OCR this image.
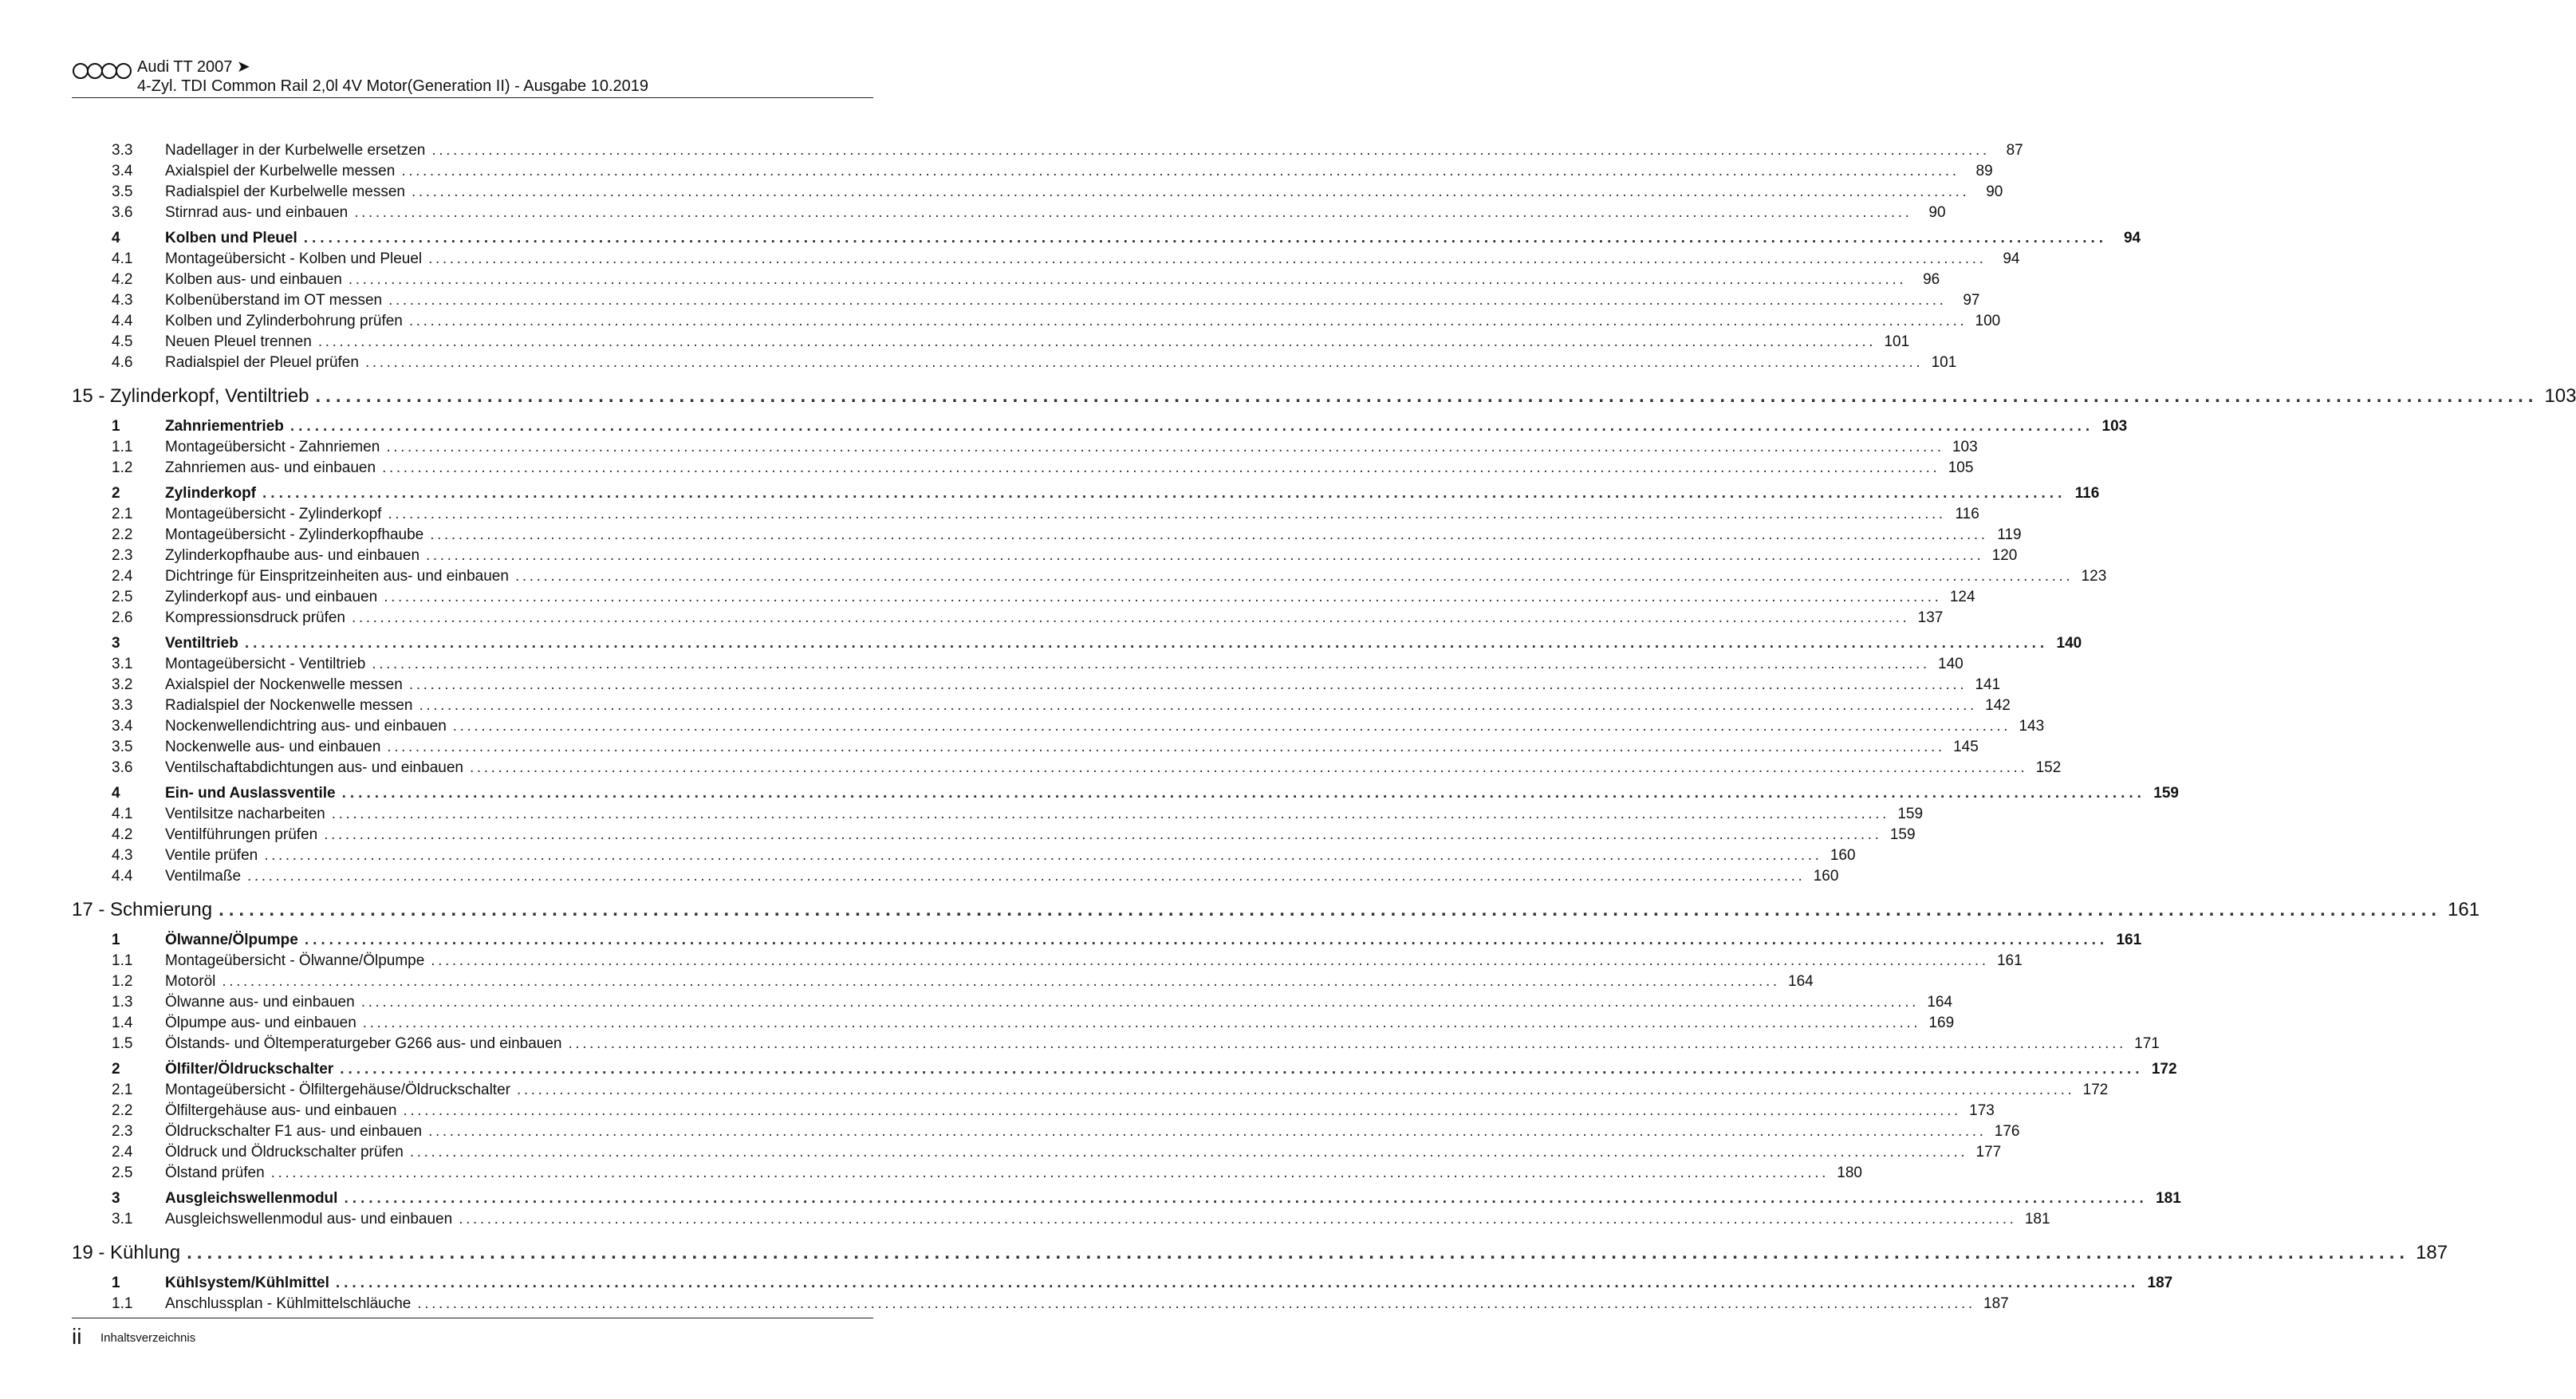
Audi TT 2007 ➤
4-Zyl. TDI Common Rail 2,0l 4V Motor(Generation II) - Ausgabe 10.2019
3.3 Nadellager in der Kurbelwelle ersetzen ............................................................................................................................................................................................................................	87
3.4 Axialspiel der Kurbelwelle messen ............................................................................................................................................................................................................................	89
3.5 Radialspiel der Kurbelwelle messen ............................................................................................................................................................................................................................	90
3.6 Stirnrad aus- und einbauen ............................................................................................................................................................................................................................	90
4	Kolben und Pleuel ............................................................................................................................................................................................................................	94
4.1 Montageübersicht - Kolben und Pleuel ............................................................................................................................................................................................................................	94
4.2 Kolben aus- und einbauen ............................................................................................................................................................................................................................	96
4.3 Kolbenüberstand im OT messen ............................................................................................................................................................................................................................	97
4.4 Kolben und Zylinderbohrung prüfen ............................................................................................................................................................................................................................ 100
4.5 Neuen Pleuel trennen ............................................................................................................................................................................................................................ 101
4.6 Radialspiel der Pleuel prüfen ............................................................................................................................................................................................................................ 101
15 - Zylinderkopf, Ventiltrieb ............................................................................................................................................................................................................................ 103
1	Zahnriementrieb ............................................................................................................................................................................................................................ 103
1.1 Montageübersicht - Zahnriemen ............................................................................................................................................................................................................................ 103
1.2 Zahnriemen aus- und einbauen ............................................................................................................................................................................................................................ 105
2	Zylinderkopf ............................................................................................................................................................................................................................ 116
2.1 Montageübersicht - Zylinderkopf ............................................................................................................................................................................................................................ 116
2.2 Montageübersicht - Zylinderkopfhaube ............................................................................................................................................................................................................................ 119
2.3 Zylinderkopfhaube aus- und einbauen ............................................................................................................................................................................................................................ 120
2.4 Dichtringe für Einspritzeinheiten aus- und einbauen ............................................................................................................................................................................................................................ 123
2.5 Zylinderkopf aus- und einbauen ............................................................................................................................................................................................................................ 124
2.6 Kompressionsdruck prüfen ............................................................................................................................................................................................................................ 137
3	Ventiltrieb ............................................................................................................................................................................................................................ 140
3.1 Montageübersicht - Ventiltrieb ............................................................................................................................................................................................................................ 140
3.2 Axialspiel der Nockenwelle messen ............................................................................................................................................................................................................................ 141
3.3 Radialspiel der Nockenwelle messen ............................................................................................................................................................................................................................ 142
3.4 Nockenwellendichtring aus- und einbauen ............................................................................................................................................................................................................................ 143
3.5 Nockenwelle aus- und einbauen ............................................................................................................................................................................................................................ 145
3.6 Ventilschaftabdichtungen aus- und einbauen ............................................................................................................................................................................................................................ 152
4	Ein- und Auslassventile ............................................................................................................................................................................................................................ 159
4.1 Ventilsitze nacharbeiten ............................................................................................................................................................................................................................ 159
4.2 Ventilführungen prüfen ............................................................................................................................................................................................................................ 159
4.3 Ventile prüfen ............................................................................................................................................................................................................................ 160
4.4 Ventilmaße ............................................................................................................................................................................................................................ 160
17 - Schmierung ............................................................................................................................................................................................................................ 161
1	Ölwanne/Ölpumpe ............................................................................................................................................................................................................................ 161
1.1 Montageübersicht - Ölwanne/Ölpumpe ............................................................................................................................................................................................................................ 161
1.2 Motoröl ............................................................................................................................................................................................................................ 164
1.3 Ölwanne aus- und einbauen ............................................................................................................................................................................................................................ 164
1.4 Ölpumpe aus- und einbauen ............................................................................................................................................................................................................................ 169
1.5 Ölstands- und Öltemperaturgeber G266 aus- und einbauen ............................................................................................................................................................................................................................ 171
2	Ölfilter/Öldruckschalter ............................................................................................................................................................................................................................ 172
2.1 Montageübersicht - Ölfiltergehäuse/Öldruckschalter ............................................................................................................................................................................................................................ 172
2.2 Ölfiltergehäuse aus- und einbauen ............................................................................................................................................................................................................................ 173
2.3 Öldruckschalter F1 aus- und einbauen ............................................................................................................................................................................................................................ 176
2.4 Öldruck und Öldruckschalter prüfen ............................................................................................................................................................................................................................ 177
2.5 Ölstand prüfen ............................................................................................................................................................................................................................ 180
3	Ausgleichswellenmodul ............................................................................................................................................................................................................................ 181
3.1 Ausgleichswellenmodul aus- und einbauen ............................................................................................................................................................................................................................ 181
19 - Kühlung ............................................................................................................................................................................................................................ 187
1	Kühlsystem/Kühlmittel ............................................................................................................................................................................................................................ 187
1.1 Anschlussplan - Kühlmittelschläuche ............................................................................................................................................................................................................................ 187
ii Inhaltsverzeichnis
